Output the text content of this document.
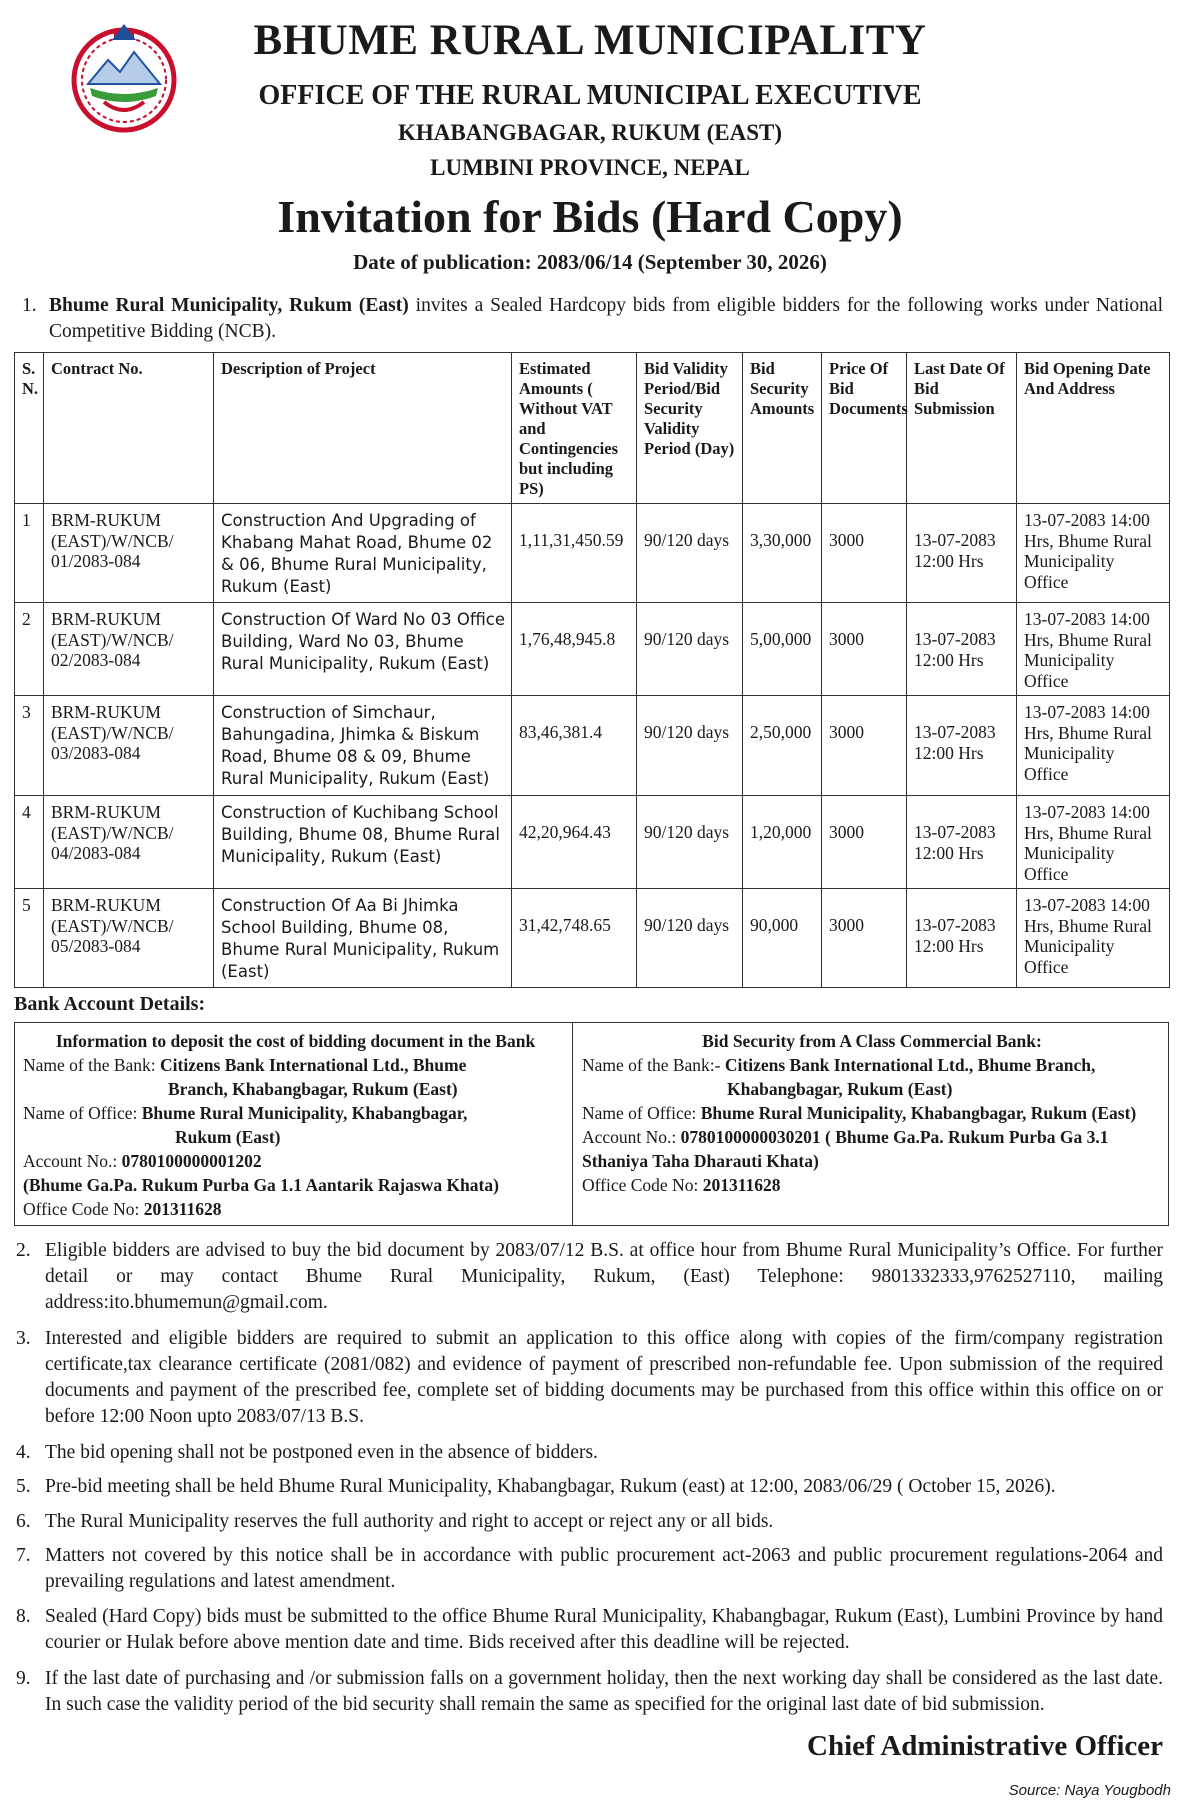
BHUME RURAL MUNICIPALITY
OFFICE OF THE RURAL MUNICIPAL EXECUTIVE
KHABANGBAGAR, RUKUM (EAST)
LUMBINI PROVINCE, NEPAL
Invitation for Bids (Hard Copy)
Date of publication: 2083/06/14 (September 30, 2026)
1. Bhume Rural Municipality, Rukum (East) invites a Sealed Hardcopy bids from eligible bidders for the following works under National Competitive Bidding (NCB).
S. N.	Contract No.	Description of Project	Estimated Amounts ( Without VAT and Contingencies but including PS)	Bid Validity Period/Bid Security Validity Period (Day)	Bid Security Amounts	Price Of Bid Documents	Last Date Of Bid Submission	Bid Opening Date And Address
1	BRM-RUKUM (EAST)/W/NCB/ 01/2083-084	Construction And Upgrading of Khabang Mahat Road, Bhume 02 & 06, Bhume Rural Municipality, Rukum (East)	1,11,31,450.59	90/120 days	3,30,000	3000	13-07-2083 12:00 Hrs	13-07-2083 14:00 Hrs, Bhume Rural Municipality Office
2	BRM-RUKUM (EAST)/W/NCB/ 02/2083-084	Construction Of Ward No 03 Office Building, Ward No 03, Bhume Rural Municipality, Rukum (East)	1,76,48,945.8	90/120 days	5,00,000	3000	13-07-2083 12:00 Hrs	13-07-2083 14:00 Hrs, Bhume Rural Municipality Office
3	BRM-RUKUM (EAST)/W/NCB/ 03/2083-084	Construction of Simchaur, Bahungadina, Jhimka & Biskum Road, Bhume 08 & 09, Bhume Rural Municipality, Rukum (East)	83,46,381.4	90/120 days	2,50,000	3000	13-07-2083 12:00 Hrs	13-07-2083 14:00 Hrs, Bhume Rural Municipality Office
4	BRM-RUKUM (EAST)/W/NCB/ 04/2083-084	Construction of Kuchibang School Building, Bhume 08, Bhume Rural Municipality, Rukum (East)	42,20,964.43	90/120 days	1,20,000	3000	13-07-2083 12:00 Hrs	13-07-2083 14:00 Hrs, Bhume Rural Municipality Office
5	BRM-RUKUM (EAST)/W/NCB/ 05/2083-084	Construction Of Aa Bi Jhimka School Building, Bhume 08, Bhume Rural Municipality, Rukum (East)	31,42,748.65	90/120 days	90,000	3000	13-07-2083 12:00 Hrs	13-07-2083 14:00 Hrs, Bhume Rural Municipality Office
Bank Account Details:
Information to deposit the cost of bidding document in the Bank
Name of the Bank: Citizens Bank International Ltd., Bhume
Branch, Khabangbagar, Rukum (East)
Name of Office: Bhume Rural Municipality, Khabangbagar,
Rukum (East)
Account No.: 0780100000001202
(Bhume Ga.Pa. Rukum Purba Ga 1.1 Aantarik Rajaswa Khata)
Office Code No: 201311628
Bid Security from A Class Commercial Bank:
Name of the Bank:- Citizens Bank International Ltd., Bhume Branch,
Khabangbagar, Rukum (East)
Name of Office: Bhume Rural Municipality, Khabangbagar, Rukum (East)
Account No.: 0780100000030201 ( Bhume Ga.Pa. Rukum Purba Ga 3.1
Sthaniya Taha Dharauti Khata)
Office Code No: 201311628
2. Eligible bidders are advised to buy the bid document by 2083/07/12 B.S. at office hour from Bhume Rural Municipality’s Office. For further detail or may contact Bhume Rural Municipality, Rukum, (East) Telephone: 9801332333,9762527110, mailing address:ito.bhumemun@gmail.com.
3. Interested and eligible bidders are required to submit an application to this office along with copies of the firm/company registration certificate,tax clearance certificate (2081/082) and evidence of payment of prescribed non-refundable fee. Upon submission of the required documents and payment of the prescribed fee, complete set of bidding documents may be purchased from this office within this office on or before 12:00 Noon upto 2083/07/13 B.S.
4. The bid opening shall not be postponed even in the absence of bidders.
5. Pre-bid meeting shall be held Bhume Rural Municipality, Khabangbagar, Rukum (east) at 12:00, 2083/06/29 ( October 15, 2026).
6. The Rural Municipality reserves the full authority and right to accept or reject any or all bids.
7. Matters not covered by this notice shall be in accordance with public procurement act-2063 and public procurement regulations-2064 and prevailing regulations and latest amendment.
8. Sealed (Hard Copy) bids must be submitted to the office Bhume Rural Municipality, Khabangbagar, Rukum (East), Lumbini Province by hand courier or Hulak before above mention date and time. Bids received after this deadline will be rejected.
9. If the last date of purchasing and /or submission falls on a government holiday, then the next working day shall be considered as the last date. In such case the validity period of the bid security shall remain the same as specified for the original last date of bid submission.
Chief Administrative Officer
Source: Naya Yougbodh
